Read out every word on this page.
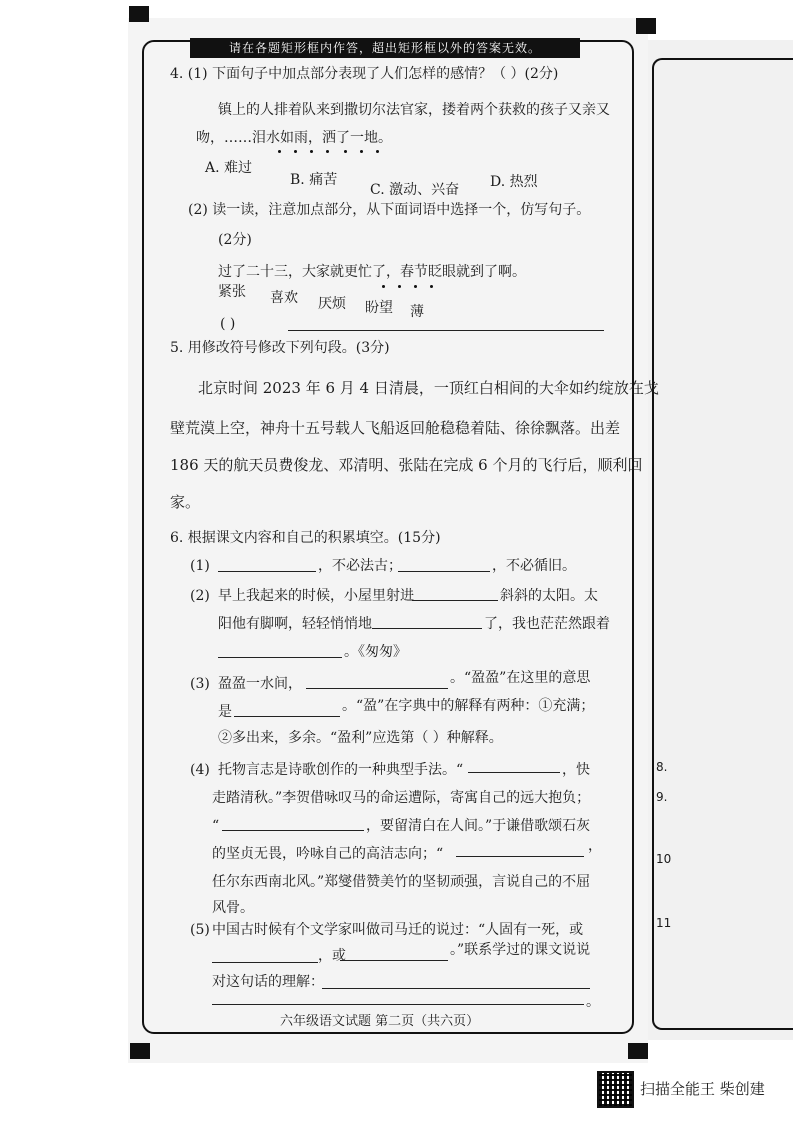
请在各题矩形框内作答，超出矩形框以外的答案无效。
4. (1) 下面句子中加点部分表现了人们怎样的感情？（ ）(2分)
镇上的人排着队来到撒切尔法官家，搂着两个获救的孩子又亲又
吻，……泪水如雨，洒了一地。
A. 难过
B. 痛苦
C. 激动、兴奋 D. 热烈
(2) 读一读，注意加点部分，从下面词语中选择一个，仿写句子。
(2分)
过了二十三，大家就更忙了，春节眨眼就到了啊。
紧张 喜欢 厌烦 盼望 薄
( )
5. 用修改符号修改下列句段。(3分)
北京时间 2023 年 6 月 4 日清晨，一顶红白相间的大伞如约绽放在戈
壁荒漠上空，神舟十五号载人飞船返回舱稳稳着陆、徐徐飘落。出差
186 天的航天员费俊龙、邓清明、张陆在完成 6 个月的飞行后，顺利回
家。
6. 根据课文内容和自己的积累填空。(15分)
(1)	，不必法古；	，不必循旧。
(2) 早上我起来的时候，小屋里射进	斜斜的太阳。太
阳他有脚啊，轻轻悄悄地	了，我也茫茫然跟着
。《匆匆》
(3) 盈盈一水间，	。“盈盈”在这里的意思
是	。“盈”在字典中的解释有两种：①充满；
②多出来，多余。“盈利”应选第（ ）种解释。
(4) 托物言志是诗歌创作的一种典型手法。“	，快
走踏清秋。”李贺借咏叹马的命运遭际，寄寓自己的远大抱负；
“	，要留清白在人间。”于谦借歌颂石灰
的坚贞无畏，吟咏自己的高洁志向；“	，
任尔东西南北风。”郑燮借赞美竹的坚韧顽强，言说自己的不屈
风骨。
(5) 中国古时候有个文学家叫做司马迁的说过：“人固有一死，或
，或	。”联系学过的课文说说
对这句话的理解：
。
六年级语文试题 第二页（共六页）
8.
9.
10
11
扫描全能王 柴创建
